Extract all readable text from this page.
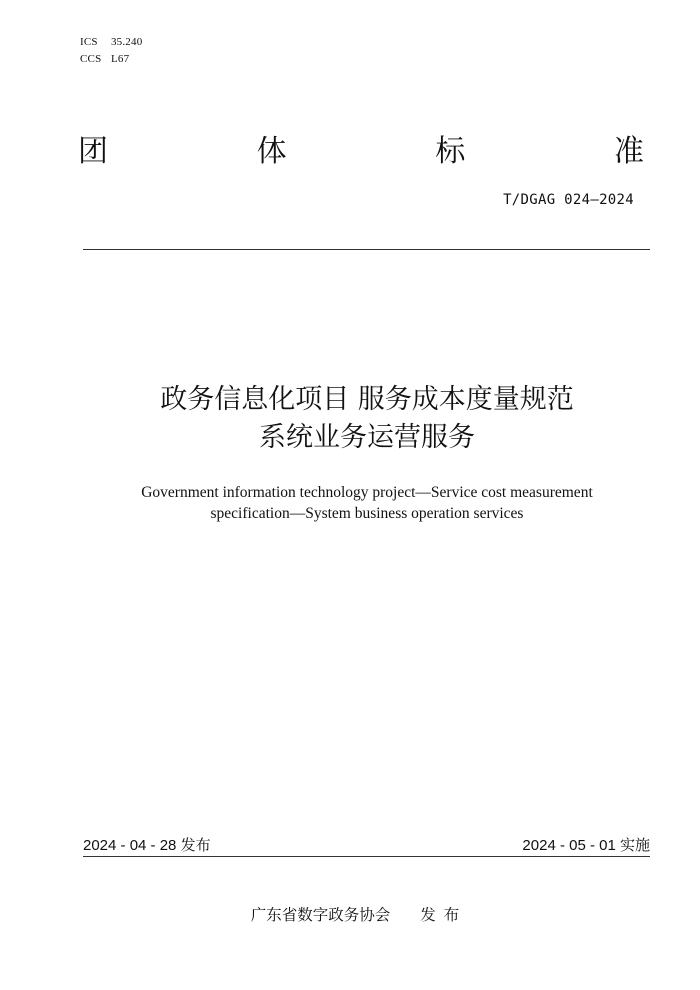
ICS 35.240
CCS L67
团	体	标	准
T/DGAG 024—2024
政务信息化项目 服务成本度量规范
系统业务运营服务
Government information technology project—Service cost measurement
specification—System business operation services
2024 - 04 - 28 发布	2024 - 05 - 01 实施
广东省数字政务协会 发布
